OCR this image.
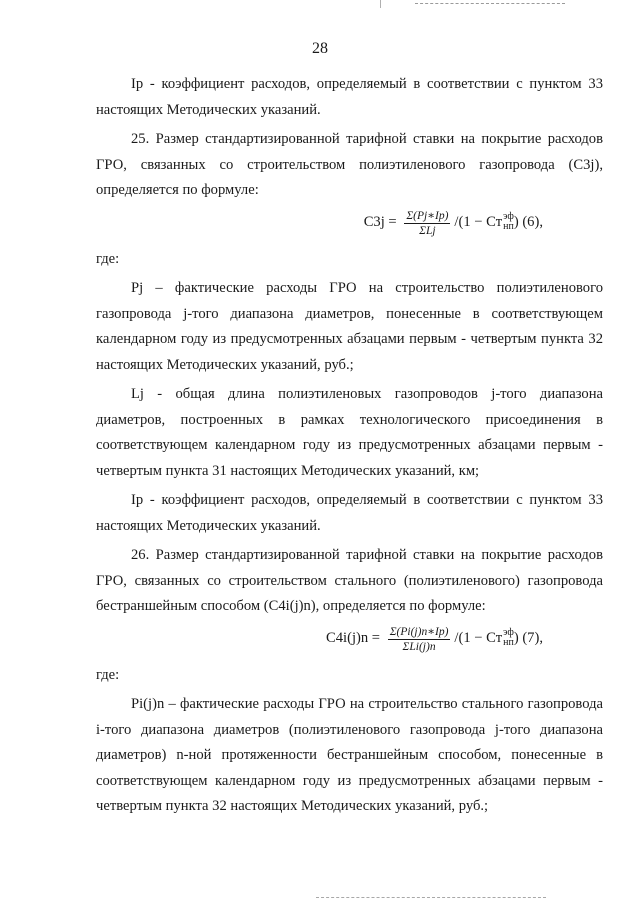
28

Iр - коэффициент расходов, определяемый в соответствии с пунктом 33 настоящих Методических указаний.

25. Размер стандартизированной тарифной ставки на покрытие расходов ГРО, связанных со строительством полиэтиленового газопровода (С3j), определяется по формуле:

$С3j = \frac{\Sigma(Pj∗Ip)}{\text{ΣLj}} /(1$ − Ст эф
нп ) (6),

где:

Pj – фактические расходы ГРО на строительство полиэтиленового газопровода j-того диапазона диаметров, понесенные в соответствующем календарном году из предусмотренных абзацами первым - четвертым пункта 32 настоящих Методических указаний, руб.;

Lj - общая длина полиэтиленовых газопроводов j-того диапазона диаметров, построенных в рамках технологического присоединения в соответствующем календарном году из предусмотренных абзацами первым - четвертым пункта 31 настоящих Методических указаний, км;

Iр - коэффициент расходов, определяемый в соответствии с пунктом 33 настоящих Методических указаний.

26. Размер стандартизированной тарифной ставки на покрытие расходов ГРО, связанных со строительством стального (полиэтиленового) газопровода бестраншейным способом (С4i(j)n), определяется по формуле:

$С4i(j)n = \frac{\Sigma(Pi(j)n∗Ip)}{\text{ΣLi(j)n}} /(1$ − Ст эф
нп ) (7),

где:

Pi(j)n – фактические расходы ГРО на строительство стального газопровода i-того диапазона диаметров (полиэтиленового газопровода j-того диапазона диаметров) n-ной протяженности бестраншейным способом, понесенные в соответствующем календарном году из предусмотренных абзацами первым - четвертым пункта 32 настоящих Методических указаний, руб.;
